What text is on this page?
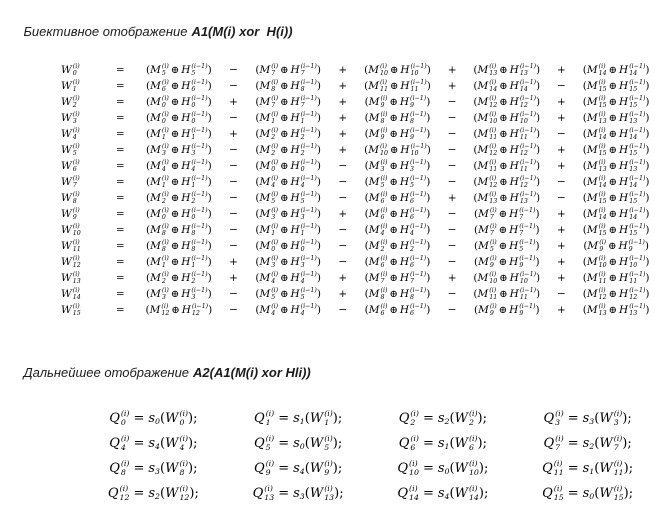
Биективное отображение A1(M(i) xor  H(i))

W (i)
0	=	( M (i)
5 ⊕ H (i−1)
5	)	−	( M (i)
7 ⊕ H (i−1)
7	)	+	( M (i)
10 ⊕ H (i−1)
10 )	+	( M (i)
13 ⊕ H (i−1)
13 )	+	( M (i)
14 ⊕ H (i−1)
14 )

W (i)
1	=	( M (i)
6 ⊕ H (i−1)
6	)	−	( M (i)
8 ⊕ H (i−1)
8	)	+	( M (i)
11 ⊕ H (i−1)
11 )	+	( M (i)
14 ⊕ H (i−1)
14 )	−	( M (i)
15 ⊕ H (i−1)
15 )

W (i)
2	=	( M (i)
0 ⊕ H (i−1)
0	)	+	( M (i)
7 ⊕ H (i−1)
7	)	+	( M (i)
9 ⊕ H (i−1)
9	)	−	( M (i)
12 ⊕ H (i−1)
12 )	+	( M (i)
15 ⊕ H (i−1)
15 )

W (i)
3	=	( M (i)
0 ⊕ H (i−1)
0	)	−	( M (i)
1 ⊕ H (i−1)
1	)	+	( M (i)
8 ⊕ H (i−1)
8	)	−	( M (i)
10 ⊕ H (i−1)
10 )	+	( M (i)
13 ⊕ H (i−1)
13 )

W (i)
4	=	( M (i)
1 ⊕ H (i−1)
1	)	+	( M (i)
2 ⊕ H (i−1)
2	)	+	( M (i)
9 ⊕ H (i−1)
9	)	−	( M (i)
11 ⊕ H (i−1)
11 )	−	( M (i)
14 ⊕ H (i−1)
14 )

W (i)
5	=	( M (i)
3 ⊕ H (i−1)
3	)	−	( M (i)
2 ⊕ H (i−1)
2	)	+	( M (i)
10 ⊕ H (i−1)
10 )	−	( M (i)
12 ⊕ H (i−1)
12 )	+	( M (i)
15 ⊕ H (i−1)
15 )

W (i)
6	=	( M (i)
4 ⊕ H (i−1)
4	)	−	( M (i)
0 ⊕ H (i−1)
0	)	−	( M (i)
3 ⊕ H (i−1)
3	)	−	( M (i)
11 ⊕ H (i−1)
11 )	+	( M (i)
13 ⊕ H (i−1)
13 )

W (i)
7	=	( M (i)
1 ⊕ H (i−1)
1	)	−	( M (i)
4 ⊕ H (i−1)
4	)	−	( M (i)
5 ⊕ H (i−1)
5	)	−	( M (i)
12 ⊕ H (i−1)
12 )	−	( M (i)
14 ⊕ H (i−1)
14 )

W (i)
8	=	( M (i)
2 ⊕ H (i−1)
2	)	−	( M (i)
5 ⊕ H (i−1)
5	)	−	( M (i)
6 ⊕ H (i−1)
6	)	+	( M (i)
13 ⊕ H (i−1)
13 )	−	( M (i)
15 ⊕ H (i−1)
15 )

W (i)
9	=	( M (i)
0 ⊕ H (i−1)
0	)	−	( M (i)
3 ⊕ H (i−1)
3	)	+	( M (i)
6 ⊕ H (i−1)
6	)	−	( M (i)
7 ⊕ H (i−1)
7	)	+	( M (i)
14 ⊕ H (i−1)
14 )

W (i)
10	=	( M (i)
8 ⊕ H (i−1)
8	)	−	( M (i)
1 ⊕ H (i−1)
1	)	−	( M (i)
4 ⊕ H (i−1)
4	)	−	( M (i)
7 ⊕ H (i−1)
7	)	+	( M (i)
15 ⊕ H (i−1)
15 )

W (i)
11	=	( M (i)
8 ⊕ H (i−1)
8	)	−	( M (i)
0 ⊕ H (i−1)
0	)	−	( M (i)
2 ⊕ H (i−1)
2	)	−	( M (i)
5 ⊕ H (i−1)
5	)	+	( M (i)
9 ⊕ H (i−1)
9	)

W (i)
12	=	( M (i)
1 ⊕ H (i−1)
1	)	+	( M (i)
3 ⊕ H (i−1)
3	)	−	( M (i)
6 ⊕ H (i−1)
6	)	−	( M (i)
9 ⊕ H (i−1)
9	)	+	( M (i)
10 ⊕ H (i−1)
10 )

W (i)
13	=	( M (i)
2 ⊕ H (i−1)
2	)	+	( M (i)
4 ⊕ H (i−1)
4	)	+	( M (i)
7 ⊕ H (i−1)
7	)	+	( M (i)
10 ⊕ H (i−1)
10 )	+	( M (i)
11 ⊕ H (i−1)
11 )

W (i)
14	=	( M (i)
3 ⊕ H (i−1)
3	)	−	( M (i)
5 ⊕ H (i−1)
5	)	+	( M (i)
8 ⊕ H (i−1)
8	)	−	( M (i)
11 ⊕ H (i−1)
11 )	−	( M (i)
12 ⊕ H (i−1)
12 )

W (i)
15	=	( M (i)
12 ⊕ H (i−1)
12 )	−	( M (i)
4 ⊕ H (i−1)
4	)	−	( M (i)
6 ⊕ H (i−1)
6	)	−	( M (i)
9 ⊕ H (i−1)
9	)	+	( M (i)
13 ⊕ H (i−1)
13 )

Дальнейшее отображение A2(A1(M(i) xor Hli))

Q (i)
0 = s0( W (i)
0 );	Q (i)
1 = s1( W (i)
1 );	Q (i)
2 = s2( W (i)
2 );	Q (i)
3 = s3( W (i)
3 );

Q (i)
4 = s4( W (i)
4 );	Q (i)
5 = s0( W (i)
5 );	Q (i)
6 = s1( W (i)
6 );	Q (i)
7 = s2( W (i)
7 );

Q (i)
8 = s3( W (i)
8 );	Q (i)
9 = s4( W (i)
9 );	Q (i)
10 = s0( W (i)
10 );	Q (i)
11 = s1( W (i)
11 );

Q (i)
12 = s2( W (i)
12 );	Q (i)
13 = s3( W (i)
13 );	Q (i)
14 = s4( W (i)
14 );	Q (i)
15 = s0( W (i)
15 );
